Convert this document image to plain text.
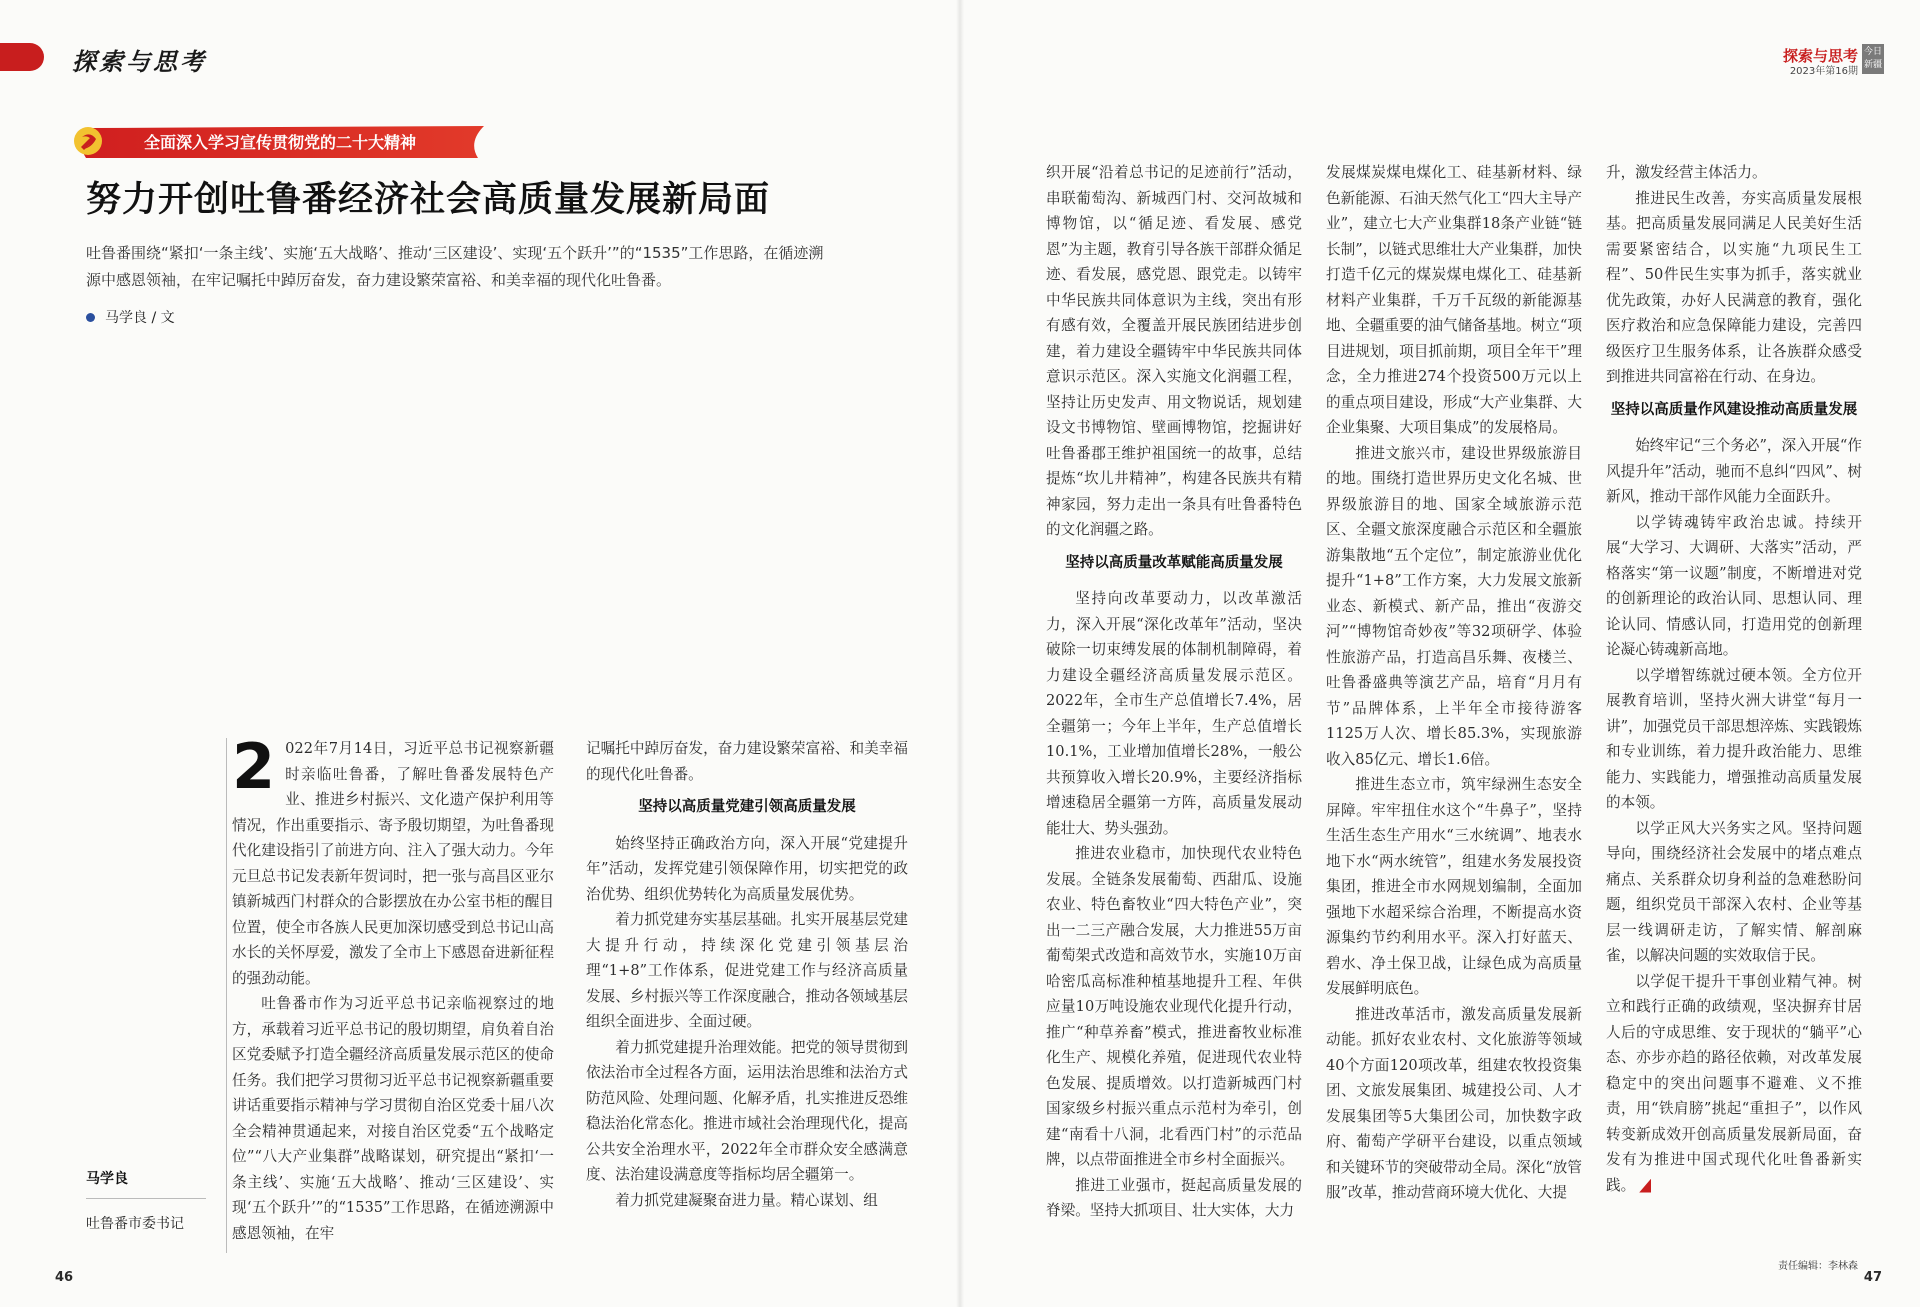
探索与思考
全面深入学习宣传贯彻党的二十大精神
努力开创吐鲁番经济社会高质量发展新局面
吐鲁番围绕“紧扣‘一条主线’、实施‘五大战略’、推动‘三区建设’、实现‘五个跃升’”的“1535”工作思路，在循迹溯源中感恩领袖，在牢记嘱托中踔厉奋发，奋力建设繁荣富裕、和美幸福的现代化吐鲁番。
马学良 / 文
马学良
吐鲁番市委书记

2 022年7月14日，习近平总书记视察新疆时亲临吐鲁番，了解吐鲁番发展特色产业、推进乡村振兴、文化遗产保护利用等情况，作出重要指示、寄予殷切期望，为吐鲁番现代化建设指引了前进方向、注入了强大动力。今年元旦总书记发表新年贺词时，把一张与高昌区亚尔镇新城西门村群众的合影摆放在办公室书柜的醒目位置，使全市各族人民更加深切感受到总书记山高水长的关怀厚爱，激发了全市上下感恩奋进新征程的强劲动能。

吐鲁番市作为习近平总书记亲临视察过的地方，承载着习近平总书记的殷切期望，肩负着自治区党委赋予打造全疆经济高质量发展示范区的使命任务。我们把学习贯彻习近平总书记视察新疆重要讲话重要指示精神与学习贯彻自治区党委十届八次全会精神贯通起来，对接自治区党委“五个战略定位”“八大产业集群”战略谋划，研究提出“紧扣‘一条主线’、实施‘五大战略’、推动‘三区建设’、实现‘五个跃升’”的“1535”工作思路，在循迹溯源中感恩领袖，在牢

记嘱托中踔厉奋发，奋力建设繁荣富裕、和美幸福的现代化吐鲁番。

坚持以高质量党建引领高质量发展

始终坚持正确政治方向，深入开展“党建提升年”活动，发挥党建引领保障作用，切实把党的政治优势、组织优势转化为高质量发展优势。

着力抓党建夯实基层基础。扎实开展基层党建大提升行动，持续深化党建引领基层治理“1+8”工作体系，促进党建工作与经济高质量发展、乡村振兴等工作深度融合，推动各领域基层组织全面进步、全面过硬。

着力抓党建提升治理效能。把党的领导贯彻到依法治市全过程各方面，运用法治思维和法治方式防范风险、处理问题、化解矛盾，扎实推进反恐维稳法治化常态化。推进市域社会治理现代化，提高公共安全治理水平，2022年全市群众安全感满意度、法治建设满意度等指标均居全疆第一。

着力抓党建凝聚奋进力量。精心谋划、组

46
探索与思考
2023年第16期
今日新疆
47
责任编辑：李林森

织开展“沿着总书记的足迹前行”活动，串联葡萄沟、新城西门村、交河故城和博物馆，以“循足迹、看发展、感党恩”为主题，教育引导各族干部群众循足迹、看发展，感党恩、跟党走。以铸牢中华民族共同体意识为主线，突出有形有感有效，全覆盖开展民族团结进步创建，着力建设全疆铸牢中华民族共同体意识示范区。深入实施文化润疆工程，坚持让历史发声、用文物说话，规划建设文书博物馆、壁画博物馆，挖掘讲好吐鲁番郡王维护祖国统一的故事，总结提炼“坎儿井精神”，构建各民族共有精神家园，努力走出一条具有吐鲁番特色的文化润疆之路。

坚持以高质量改革赋能高质量发展

坚持向改革要动力，以改革激活力，深入开展“深化改革年”活动，坚决破除一切束缚发展的体制机制障碍，着力建设全疆经济高质量发展示范区。2022年，全市生产总值增长7.4%，居全疆第一；今年上半年，生产总值增长10.1%，工业增加值增长28%，一般公共预算收入增长20.9%，主要经济指标增速稳居全疆第一方阵，高质量发展动能壮大、势头强劲。

推进农业稳市，加快现代农业特色发展。全链条发展葡萄、西甜瓜、设施农业、特色畜牧业“四大特色产业”，突出一二三产融合发展，大力推进55万亩葡萄架式改造和高效节水，实施10万亩哈密瓜高标准种植基地提升工程、年供应量10万吨设施农业现代化提升行动，推广“种草养畜”模式，推进畜牧业标准化生产、规模化养殖，促进现代农业特色发展、提质增效。以打造新城西门村国家级乡村振兴重点示范村为牵引，创建“南看十八洞，北看西门村”的示范品牌，以点带面推进全市乡村全面振兴。

推进工业强市，挺起高质量发展的脊梁。坚持大抓项目、壮大实体，大力

发展煤炭煤电煤化工、硅基新材料、绿色新能源、石油天然气化工“四大主导产业”，建立七大产业集群18条产业链“链长制”，以链式思维壮大产业集群，加快打造千亿元的煤炭煤电煤化工、硅基新材料产业集群，千万千瓦级的新能源基地、全疆重要的油气储备基地。树立“项目进规划，项目抓前期，项目全年干”理念，全力推进274个投资500万元以上的重点项目建设，形成“大产业集群、大企业集聚、大项目集成”的发展格局。

推进文旅兴市，建设世界级旅游目的地。围绕打造世界历史文化名城、世界级旅游目的地、国家全域旅游示范区、全疆文旅深度融合示范区和全疆旅游集散地“五个定位”，制定旅游业优化提升“1+8”工作方案，大力发展文旅新业态、新模式、新产品，推出“夜游交河”“博物馆奇妙夜”等32项研学、体验性旅游产品，打造高昌乐舞、夜楼兰、吐鲁番盛典等演艺产品，培育“月月有节”品牌体系，上半年全市接待游客1125万人次、增长85.3%，实现旅游收入85亿元、增长1.6倍。

推进生态立市，筑牢绿洲生态安全屏障。牢牢扭住水这个“牛鼻子”，坚持生活生态生产用水“三水统调”、地表水地下水“两水统管”，组建水务发展投资集团，推进全市水网规划编制，全面加强地下水超采综合治理，不断提高水资源集约节约利用水平。深入打好蓝天、碧水、净土保卫战，让绿色成为高质量发展鲜明底色。

推进改革活市，激发高质量发展新动能。抓好农业农村、文化旅游等领域40个方面120项改革，组建农牧投资集团、文旅发展集团、城建投公司、人才发展集团等5大集团公司，加快数字政府、葡萄产学研平台建设，以重点领域和关键环节的突破带动全局。深化“放管服”改革，推动营商环境大优化、大提

升，激发经营主体活力。

推进民生改善，夯实高质量发展根基。把高质量发展同满足人民美好生活需要紧密结合，以实施“九项民生工程”、50件民生实事为抓手，落实就业优先政策，办好人民满意的教育，强化医疗救治和应急保障能力建设，完善四级医疗卫生服务体系，让各族群众感受到推进共同富裕在行动、在身边。

坚持以高质量作风建设推动高质量发展

始终牢记“三个务必”，深入开展“作风提升年”活动，驰而不息纠“四风”、树新风，推动干部作风能力全面跃升。

以学铸魂铸牢政治忠诚。持续开展“大学习、大调研、大落实”活动，严格落实“第一议题”制度，不断增进对党的创新理论的政治认同、思想认同、理论认同、情感认同，打造用党的创新理论凝心铸魂新高地。

以学增智练就过硬本领。全方位开展教育培训，坚持火洲大讲堂“每月一讲”，加强党员干部思想淬炼、实践锻炼和专业训练，着力提升政治能力、思维能力、实践能力，增强推动高质量发展的本领。

以学正风大兴务实之风。坚持问题导向，围绕经济社会发展中的堵点难点痛点、关系群众切身利益的急难愁盼问题，组织党员干部深入农村、企业等基层一线调研走访，了解实情、解剖麻雀，以解决问题的实效取信于民。

以学促干提升干事创业精气神。树立和践行正确的政绩观，坚决摒弃甘居人后的守成思维、安于现状的“躺平”心态、亦步亦趋的路径依赖，对改革发展稳定中的突出问题事不避难、义不推责，用“铁肩膀”挑起“重担子”，以作风转变新成效开创高质量发展新局面，奋发有为推进中国式现代化吐鲁番新实践。
